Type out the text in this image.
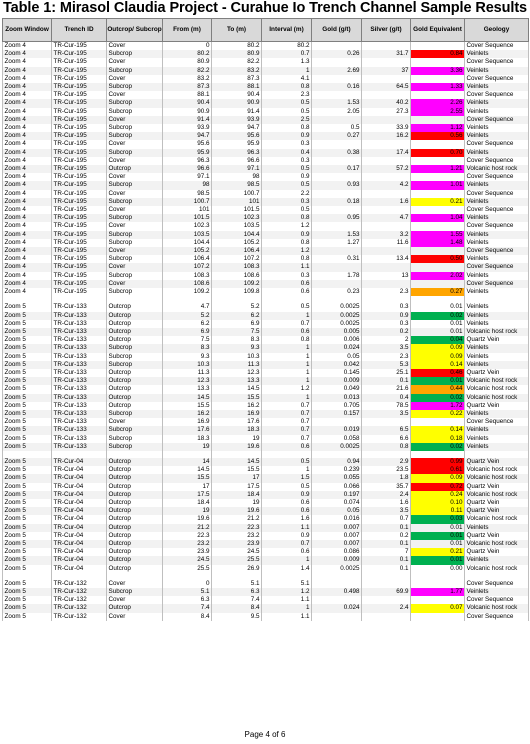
Table 1: Mirasol Claudia Project - Curahue Io Trench Channel Sample Results
Zoom Window	Trench ID	Outcrop/ Subcrop	From (m)	To (m)	Interval (m)	Gold (g/t)	Silver (g/t)	Gold Equivalent	Geology
Zoom 4	TR-Cur-195	Cover	0	80.2	80.2				Cover Sequence
Zoom 4	TR-Cur-195	Subcrop	80.2	80.9	0.7	0.26	31.7	0.84	Veinlets
Zoom 4	TR-Cur-195	Cover	80.9	82.2	1.3				Cover Sequence
Zoom 4	TR-Cur-195	Subcrop	82.2	83.2	1	2.69	37	3.36	Veinlets
Zoom 4	TR-Cur-195	Cover	83.2	87.3	4.1				Cover Sequence
Zoom 4	TR-Cur-195	Subcrop	87.3	88.1	0.8	0.16	64.5	1.33	Veinlets
Zoom 4	TR-Cur-195	Cover	88.1	90.4	2.3				Cover Sequence
Zoom 4	TR-Cur-195	Subcrop	90.4	90.9	0.5	1.53	40.2	2.26	Veinlets
Zoom 4	TR-Cur-195	Subcrop	90.9	91.4	0.5	2.05	27.3	2.55	Veinlets
Zoom 4	TR-Cur-195	Cover	91.4	93.9	2.5				Cover Sequence
Zoom 4	TR-Cur-195	Subcrop	93.9	94.7	0.8	0.5	33.9	1.12	Veinlets
Zoom 4	TR-Cur-195	Subcrop	94.7	95.6	0.9	0.27	16.2	0.56	Veinlets
Zoom 4	TR-Cur-195	Cover	95.6	95.9	0.3				Cover Sequence
Zoom 4	TR-Cur-195	Subcrop	95.9	96.3	0.4	0.38	17.4	0.70	Veinlets
Zoom 4	TR-Cur-195	Cover	96.3	96.6	0.3				Cover Sequence
Zoom 4	TR-Cur-195	Outcrop	96.6	97.1	0.5	0.17	57.2	1.21	Volcanic host rock
Zoom 4	TR-Cur-195	Cover	97.1	98	0.9				Cover Sequence
Zoom 4	TR-Cur-195	Subcrop	98	98.5	0.5	0.93	4.2	1.01	Veinlets
Zoom 4	TR-Cur-195	Cover	98.5	100.7	2.2				Cover Sequence
Zoom 4	TR-Cur-195	Subcrop	100.7	101	0.3	0.18	1.6	0.21	Veinlets
Zoom 4	TR-Cur-195	Cover	101	101.5	0.5				Cover Sequence
Zoom 4	TR-Cur-195	Subcrop	101.5	102.3	0.8	0.95	4.7	1.04	Veinlets
Zoom 4	TR-Cur-195	Cover	102.3	103.5	1.2				Cover Sequence
Zoom 4	TR-Cur-195	Subcrop	103.5	104.4	0.9	1.53	3.2	1.55	Veinlets
Zoom 4	TR-Cur-195	Subcrop	104.4	105.2	0.8	1.27	11.6	1.48	Veinlets
Zoom 4	TR-Cur-195	Cover	105.2	106.4	1.2				Cover Sequence
Zoom 4	TR-Cur-195	Subcrop	106.4	107.2	0.8	0.31	13.4	0.50	Veinlets
Zoom 4	TR-Cur-195	Cover	107.2	108.3	1.1				Cover Sequence
Zoom 4	TR-Cur-195	Subcrop	108.3	108.6	0.3	1.78	13	2.02	Veinlets
Zoom 4	TR-Cur-195	Cover	108.6	109.2	0.6				Cover Sequence
Zoom 4	TR-Cur-195	Subcrop	109.2	109.8	0.6	0.23	2.3	0.27	Veinlets

Zoom 5	TR-Cur-133	Outcrop	4.7	5.2	0.5	0.0025	0.3	0.01	Veinlets
Zoom 5	TR-Cur-133	Outcrop	5.2	6.2	1	0.0025	0.9	0.02	Veinlets
Zoom 5	TR-Cur-133	Outcrop	6.2	6.9	0.7	0.0025	0.3	0.01	Veinlets
Zoom 5	TR-Cur-133	Outcrop	6.9	7.5	0.6	0.005	0.2	0.01	Volcanic host rock
Zoom 5	TR-Cur-133	Outcrop	7.5	8.3	0.8	0.006	2	0.04	Quartz Vein
Zoom 5	TR-Cur-133	Subcrop	8.3	9.3	1	0.024	3.5	0.09	Veinlets
Zoom 5	TR-Cur-133	Subcrop	9.3	10.3	1	0.05	2.3	0.09	Veinlets
Zoom 5	TR-Cur-133	Subcrop	10.3	11.3	1	0.042	5.3	0.14	Veinlets
Zoom 5	TR-Cur-133	Outcrop	11.3	12.3	1	0.145	25.1	0.46	Quartz Vein
Zoom 5	TR-Cur-133	Outcrop	12.3	13.3	1	0.009	0.1	0.01	Volcanic host rock
Zoom 5	TR-Cur-133	Outcrop	13.3	14.5	1.2	0.049	21.6	0.44	Volcanic host rock
Zoom 5	TR-Cur-133	Outcrop	14.5	15.5	1	0.013	0.4	0.02	Volcanic host rock
Zoom 5	TR-Cur-133	Outcrop	15.5	16.2	0.7	0.705	78.5	1.72	Quartz Vein
Zoom 5	TR-Cur-133	Subcrop	16.2	16.9	0.7	0.157	3.5	0.22	Veinlets
Zoom 5	TR-Cur-133	Cover	16.9	17.6	0.7				Cover Sequence
Zoom 5	TR-Cur-133	Subcrop	17.6	18.3	0.7	0.019	6.5	0.14	Veinlets
Zoom 5	TR-Cur-133	Subcrop	18.3	19	0.7	0.058	6.6	0.18	Veinlets
Zoom 5	TR-Cur-133	Subcrop	19	19.6	0.6	0.0025	0.8	0.02	Veinlets

Zoom 5	TR-Cur-04	Outcrop	14	14.5	0.5	0.94	2.9	0.99	Quartz Vein
Zoom 5	TR-Cur-04	Outcrop	14.5	15.5	1	0.239	23.5	0.61	Volcanic host rock
Zoom 5	TR-Cur-04	Outcrop	15.5	17	1.5	0.055	1.8	0.09	Volcanic host rock
Zoom 5	TR-Cur-04	Outcrop	17	17.5	0.5	0.066	35.7	0.72	Quartz Vein
Zoom 5	TR-Cur-04	Outcrop	17.5	18.4	0.9	0.197	2.4	0.24	Volcanic host rock
Zoom 5	TR-Cur-04	Outcrop	18.4	19	0.6	0.074	1.6	0.10	Quartz Vein
Zoom 5	TR-Cur-04	Outcrop	19	19.6	0.6	0.05	3.5	0.11	Quartz Vein
Zoom 5	TR-Cur-04	Outcrop	19.6	21.2	1.6	0.016	0.7	0.03	Volcanic host rock
Zoom 5	TR-Cur-04	Outcrop	21.2	22.3	1.1	0.007	0.1	0.01	Veinlets
Zoom 5	TR-Cur-04	Outcrop	22.3	23.2	0.9	0.007	0.2	0.01	Quartz Vein
Zoom 5	TR-Cur-04	Outcrop	23.2	23.9	0.7	0.007	0.1	0.01	Volcanic host rock
Zoom 5	TR-Cur-04	Outcrop	23.9	24.5	0.6	0.086	7	0.21	Quartz Vein
Zoom 5	TR-Cur-04	Outcrop	24.5	25.5	1	0.009	0.1	0.01	Veinlets
Zoom 5	TR-Cur-04	Outcrop	25.5	26.9	1.4	0.0025	0.1	0.00	Volcanic host rock

Zoom 5	TR-Cur-132	Cover	0	5.1	5.1				Cover Sequence
Zoom 5	TR-Cur-132	Subcrop	5.1	6.3	1.2	0.498	69.9	1.77	Veinlets
Zoom 5	TR-Cur-132	Cover	6.3	7.4	1.1				Cover Sequence
Zoom 5	TR-Cur-132	Outcrop	7.4	8.4	1	0.024	2.4	0.07	Volcanic host rock
Zoom 5	TR-Cur-132	Cover	8.4	9.5	1.1				Cover Sequence
Page 4 of 6
